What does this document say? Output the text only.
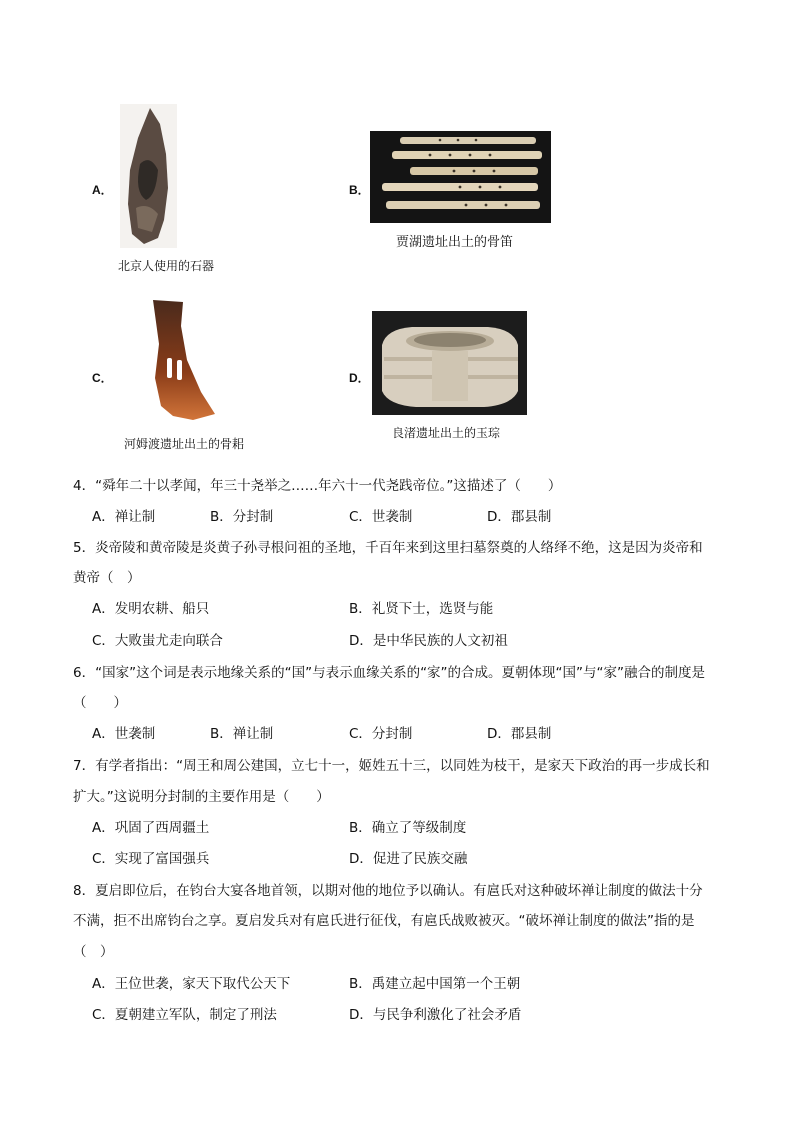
A．
北京人使用的石器
B．
贾湖遗址出土的骨笛
C．
河姆渡遗址出土的骨耜
D．
良渚遗址出土的玉琮
4．“舜年二十以孝闻，年三十尧举之……年六十一代尧践帝位。”这描述了（　　）
A．禅让制	B．分封制	C．世袭制	D．郡县制
5．炎帝陵和黄帝陵是炎黄子孙寻根问祖的圣地，千百年来到这里扫墓祭奠的人络绎不绝，这是因为炎帝和
黄帝（　）
A．发明农耕、船只	B．礼贤下士，选贤与能
C．大败蚩尤走向联合	D．是中华民族的人文初祖
6．“国家”这个词是表示地缘关系的“国”与表示血缘关系的“家”的合成。夏朝体现“国”与“家”融合的制度是
（　　）
A．世袭制	B．禅让制	C．分封制	D．郡县制
7．有学者指出：“周王和周公建国，立七十一，姬姓五十三，以同姓为枝干，是家天下政治的再一步成长和
扩大。”这说明分封制的主要作用是（　　）
A．巩固了西周疆土	B．确立了等级制度
C．实现了富国强兵	D．促进了民族交融
8．夏启即位后，在钧台大宴各地首领，以期对他的地位予以确认。有扈氏对这种破坏禅让制度的做法十分
不满，拒不出席钧台之享。夏启发兵对有扈氏进行征伐，有扈氏战败被灭。“破坏禅让制度的做法”指的是
（　）
A．王位世袭，家天下取代公天下	B．禹建立起中国第一个王朝
C．夏朝建立军队，制定了刑法	D．与民争利激化了社会矛盾
